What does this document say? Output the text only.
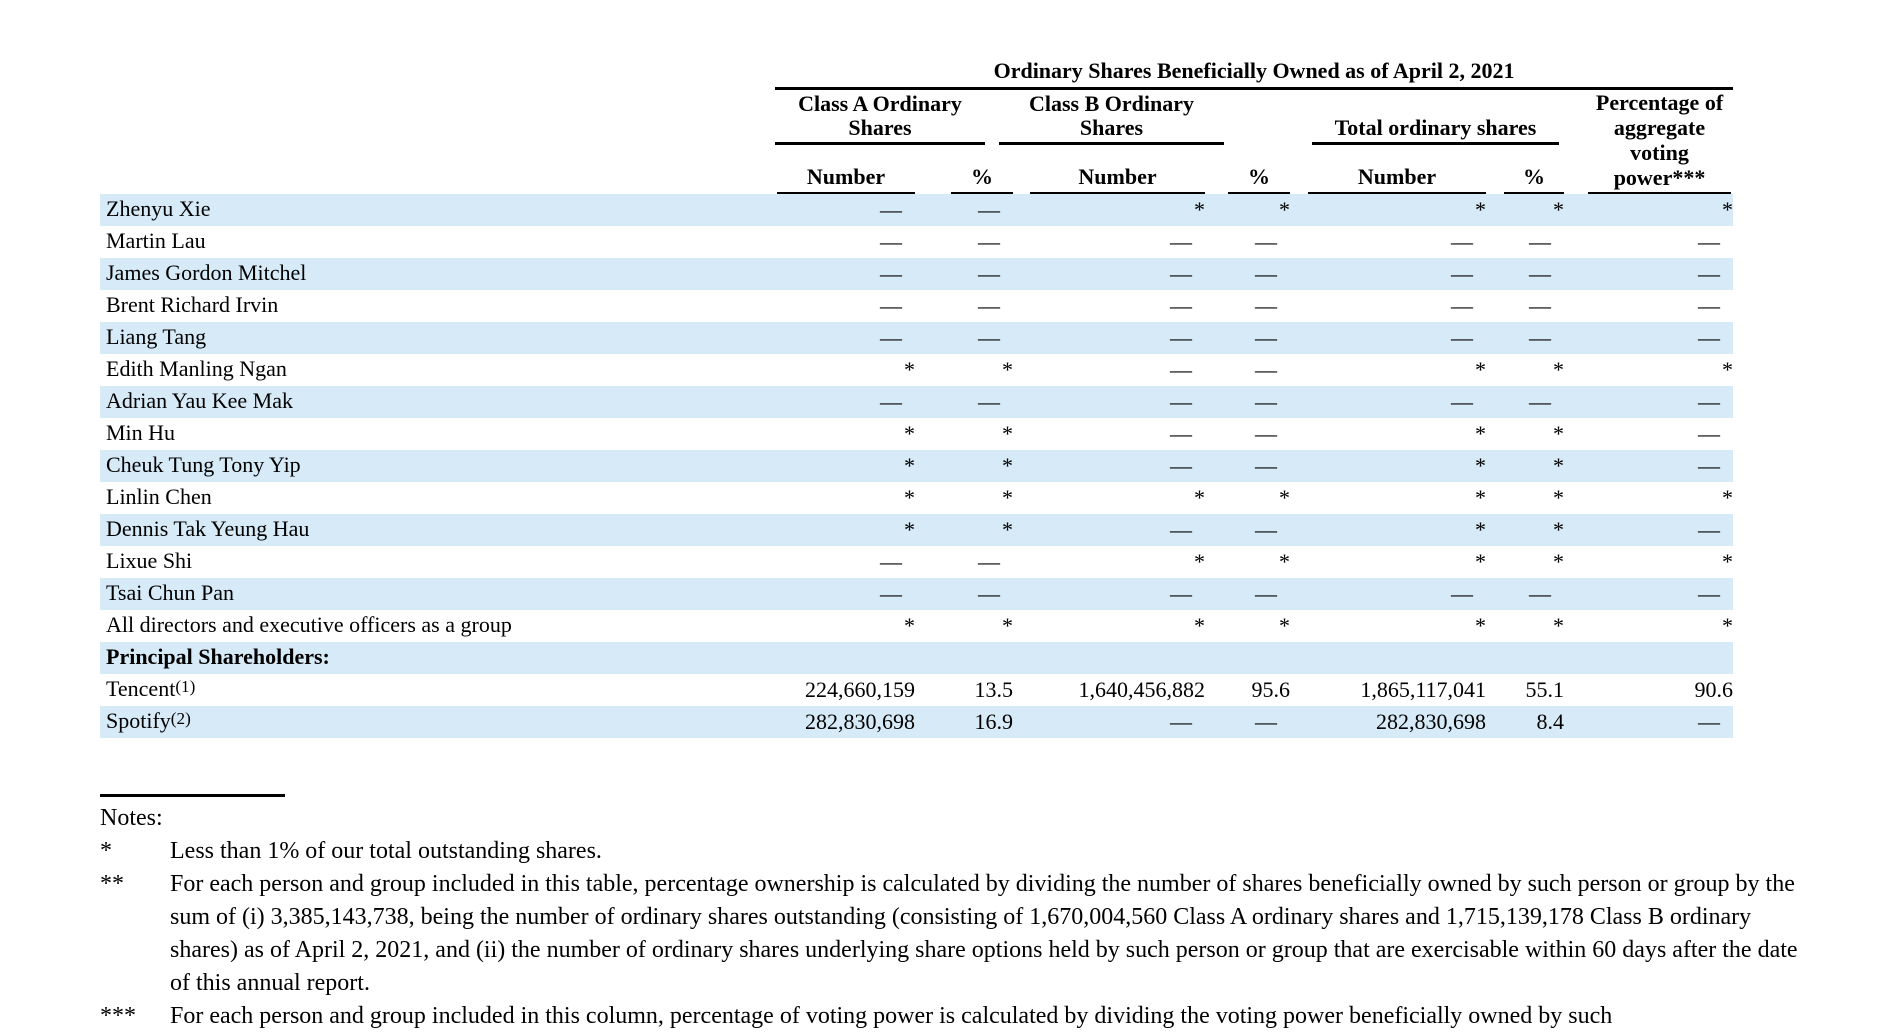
	Ordinary Shares Beneficially Owned as of April 2, 2021						

	Class A Ordinary Shares		Class B Ordinary Shares		Total ordinary shares		Percentage of aggregate voting power***

	Number	%	Number	%	Number	%	

Zhenyu Xie	—	—	*	*	*	*	*
Martin Lau	—	—	—	—	—	—	—
James Gordon Mitchel	—	—	—	—	—	—	—
Brent Richard Irvin	—	—	—	—	—	—	—
Liang Tang	—	—	—	—	—	—	—
Edith Manling Ngan	*	*	—	—	*	*	*
Adrian Yau Kee Mak	—	—	—	—	—	—	—
Min Hu	*	*	—	—	*	*	—
Cheuk Tung Tony Yip	*	*	—	—	*	*	—
Linlin Chen	*	*	*	*	*	*	*
Dennis Tak Yeung Hau	*	*	—	—	*	*	—
Lixue Shi	—	—	*	*	*	*	*
Tsai Chun Pan	—	—	—	—	—	—	—
All directors and executive officers as a group	*	*	*	*	*	*	*
Principal Shareholders:							
Tencent(1)	224,660,159	13.5	1,640,456,882	95.6	1,865,117,041	55.1	90.6
Spotify(2)	282,830,698	16.9	—	—	282,830,698	8.4	—
Notes:
*	Less than 1% of our total outstanding shares.
**	For each person and group included in this table, percentage ownership is calculated by dividing the number of shares beneficially owned by such person or group by the sum of (i) 3,385,143,738, being the number of ordinary shares outstanding (consisting of 1,670,004,560 Class A ordinary shares and 1,715,139,178 Class B ordinary shares) as of April 2, 2021, and (ii) the number of ordinary shares underlying share options held by such person or group that are exercisable within 60 days after the date of this annual report.
***	For each person and group included in this column, percentage of voting power is calculated by dividing the voting power beneficially owned by such
